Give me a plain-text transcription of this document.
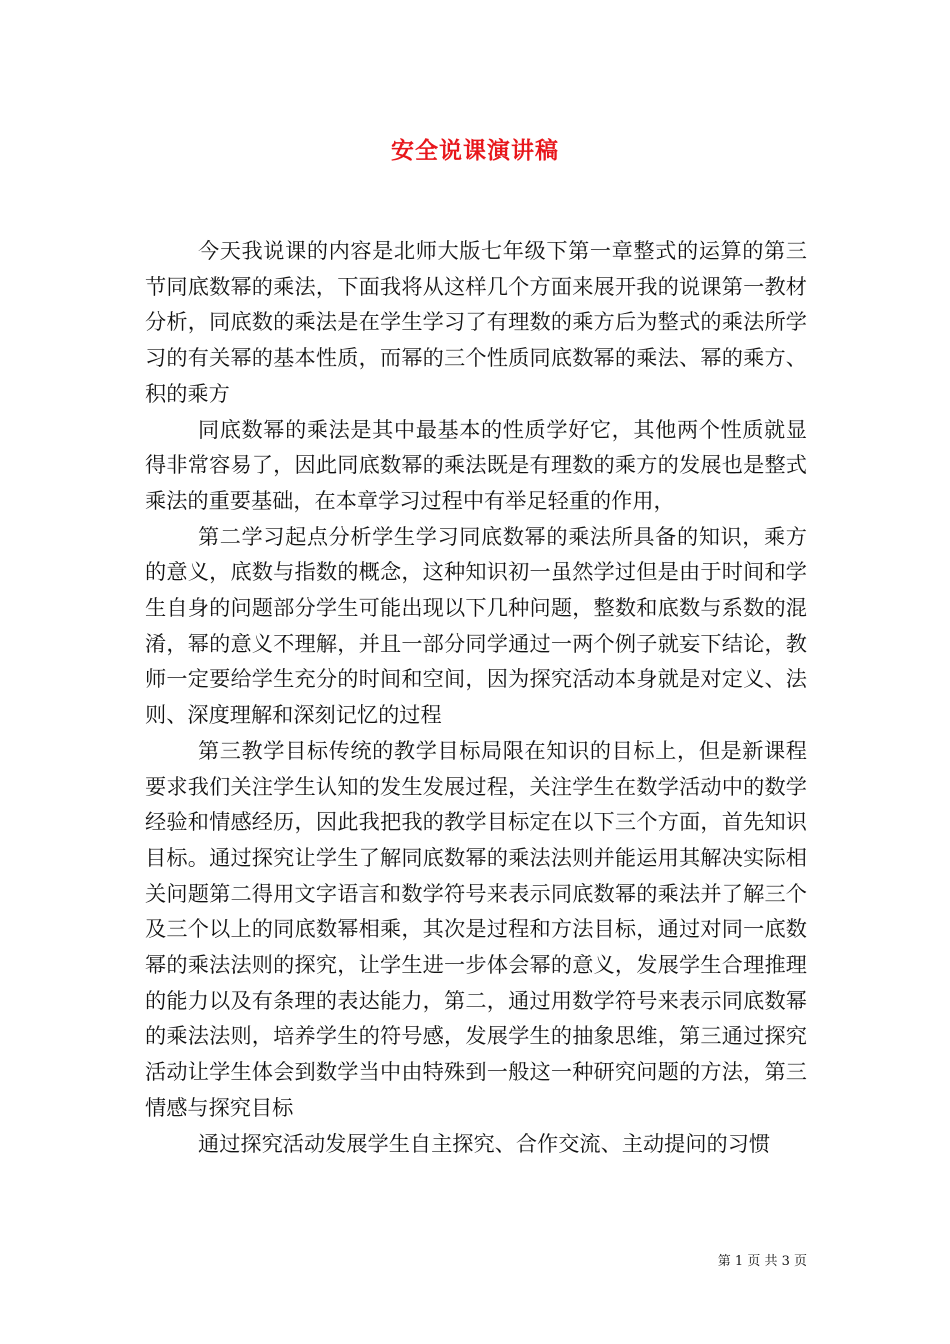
安全说课演讲稿

今天我说课的内容是北师大版七年级下第一章整式的运算的第三节同底数幂的乘法，下面我将从这样几个方面来展开我的说课第一教材分析，同底数的乘法是在学生学习了有理数的乘方后为整式的乘法所学习的有关幂的基本性质，而幂的三个性质同底数幂的乘法、幂的乘方、积的乘方

同底数幂的乘法是其中最基本的性质学好它，其他两个性质就显得非常容易了，因此同底数幂的乘法既是有理数的乘方的发展也是整式乘法的重要基础，在本章学习过程中有举足轻重的作用，

第二学习起点分析学生学习同底数幂的乘法所具备的知识，乘方的意义，底数与指数的概念，这种知识初一虽然学过但是由于时间和学生自身的问题部分学生可能出现以下几种问题，整数和底数与系数的混淆，幂的意义不理解，并且一部分同学通过一两个例子就妄下结论，教师一定要给学生充分的时间和空间，因为探究活动本身就是对定义、法则、深度理解和深刻记忆的过程

第三教学目标传统的教学目标局限在知识的目标上，但是新课程要求我们关注学生认知的发生发展过程，关注学生在数学活动中的数学经验和情感经历，因此我把我的教学目标定在以下三个方面，首先知识目标。通过探究让学生了解同底数幂的乘法法则并能运用其解决实际相关问题第二得用文字语言和数学符号来表示同底数幂的乘法并了解三个及三个以上的同底数幂相乘，其次是过程和方法目标，通过对同一底数幂的乘法法则的探究，让学生进一步体会幂的意义，发展学生合理推理的能力以及有条理的表达能力，第二，通过用数学符号来表示同底数幂的乘法法则，培养学生的符号感，发展学生的抽象思维，第三通过探究活动让学生体会到数学当中由特殊到一般这一种研究问题的方法，第三情感与探究目标

通过探究活动发展学生自主探究、合作交流、主动提问的习惯

第 1 页 共 3 页
